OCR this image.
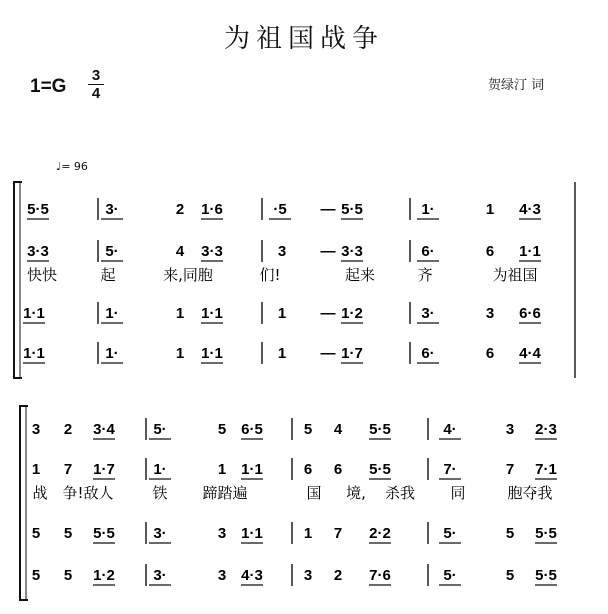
为祖国战争
1=G
3
4	贺绿汀 词
♩= 96
5·5	3·	2 1·6	·5 — 5·5	1·	1 4·3
3·3	5·	4 3·3	3 — 3·3	6·	6 1·1
快快	起	来,同胞	们!	起来	齐	为祖国
1·1	1·	1 1·1	1 — 1·2	3·	3 6·6
1·1	1·	1 1·1	1 — 1·7	6·	6 4·4
3 2 3·4	5·	5 6·5	5 4 5·5	4·	3 2·3
1 7 1·7	1·	1 1·1	6 6 5·5	7·	7 7·1
战 争!敌人	铁 蹄踏遍	国 境, 杀我 同	胞夺我
5 5 5·5	3·	3 1·1	1 7 2·2	5·	5 5·5
5 5 1·2	3·	3 4·3	3 2 7·6	5·	5 5·5
